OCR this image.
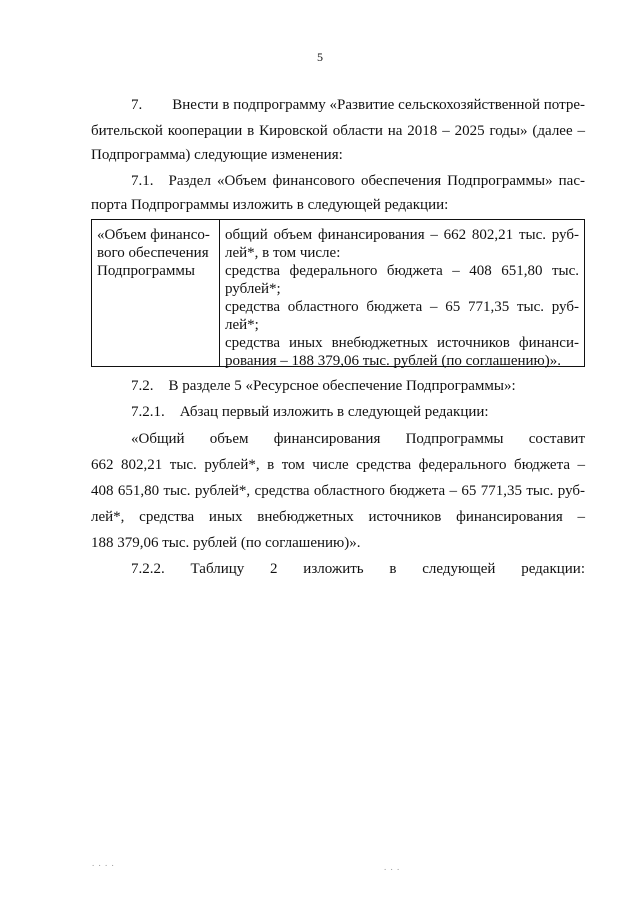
5
7.  Внести в подпрограмму «Развитие сельскохозяйственной потре-
бительской кооперации в Кировской области на 2018 – 2025 годы» (далее –
Подпрограмма) следующие изменения:
7.1. Раздел «Объем финансового обеспечения Подпрограммы» пас-
порта Подпрограммы изложить в следующей редакции:
«Объем финансо-
вого обеспечения
Подпрограммы
общий объем финансирования – 662 802,21 тыс. руб-
лей*, в том числе:
средства федерального бюджета – 408 651,80 тыс.
рублей*;
средства областного бюджета – 65 771,35 тыс. руб-
лей*;
средства иных внебюджетных источников финанси-
рования – 188 379,06 тыс. рублей (по соглашению)».
7.2. В разделе 5 «Ресурсное обеспечение Подпрограммы»:
7.2.1. Абзац первый изложить в следующей редакции:
«Общий объем финансирования Подпрограммы составит
662 802,21 тыс. рублей*, в том числе средства федерального бюджета –
408 651,80 тыс. рублей*, средства областного бюджета – 65 771,35 тыс. руб-
лей*, средства иных внебюджетных источников финансирования –
188 379,06 тыс. рублей (по соглашению)».
7.2.2. Таблицу 2 изложить в следующей редакции:
. . . .	. . .
